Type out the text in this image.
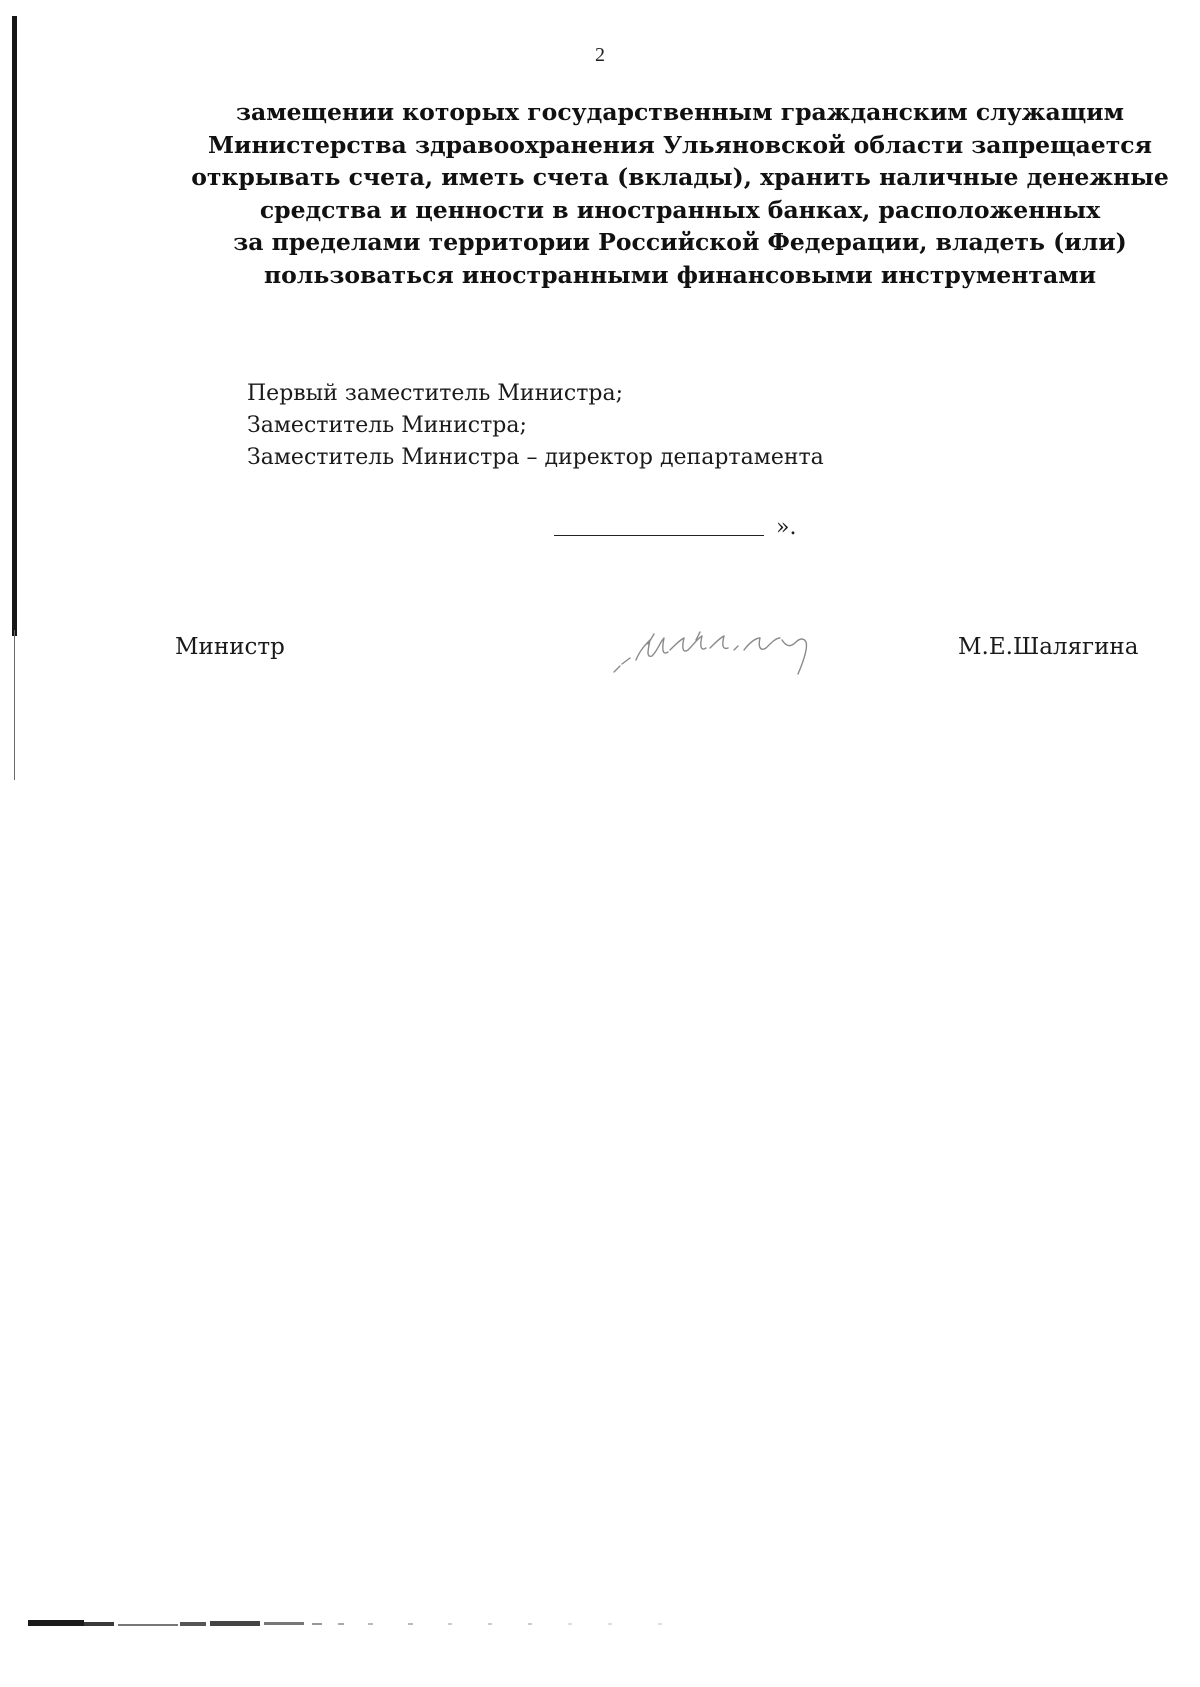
2
замещении которых государственным гражданским служащим
Министерства здравоохранения Ульяновской области запрещается
открывать счета, иметь счета (вклады), хранить наличные денежные
средства и ценности в иностранных банках, расположенных
за пределами территории Российской Федерации, владеть (или)
пользоваться иностранными финансовыми инструментами
Первый заместитель Министра;
Заместитель Министра;
Заместитель Министра – директор департамента
».
Министр	М.Е.Шалягина
